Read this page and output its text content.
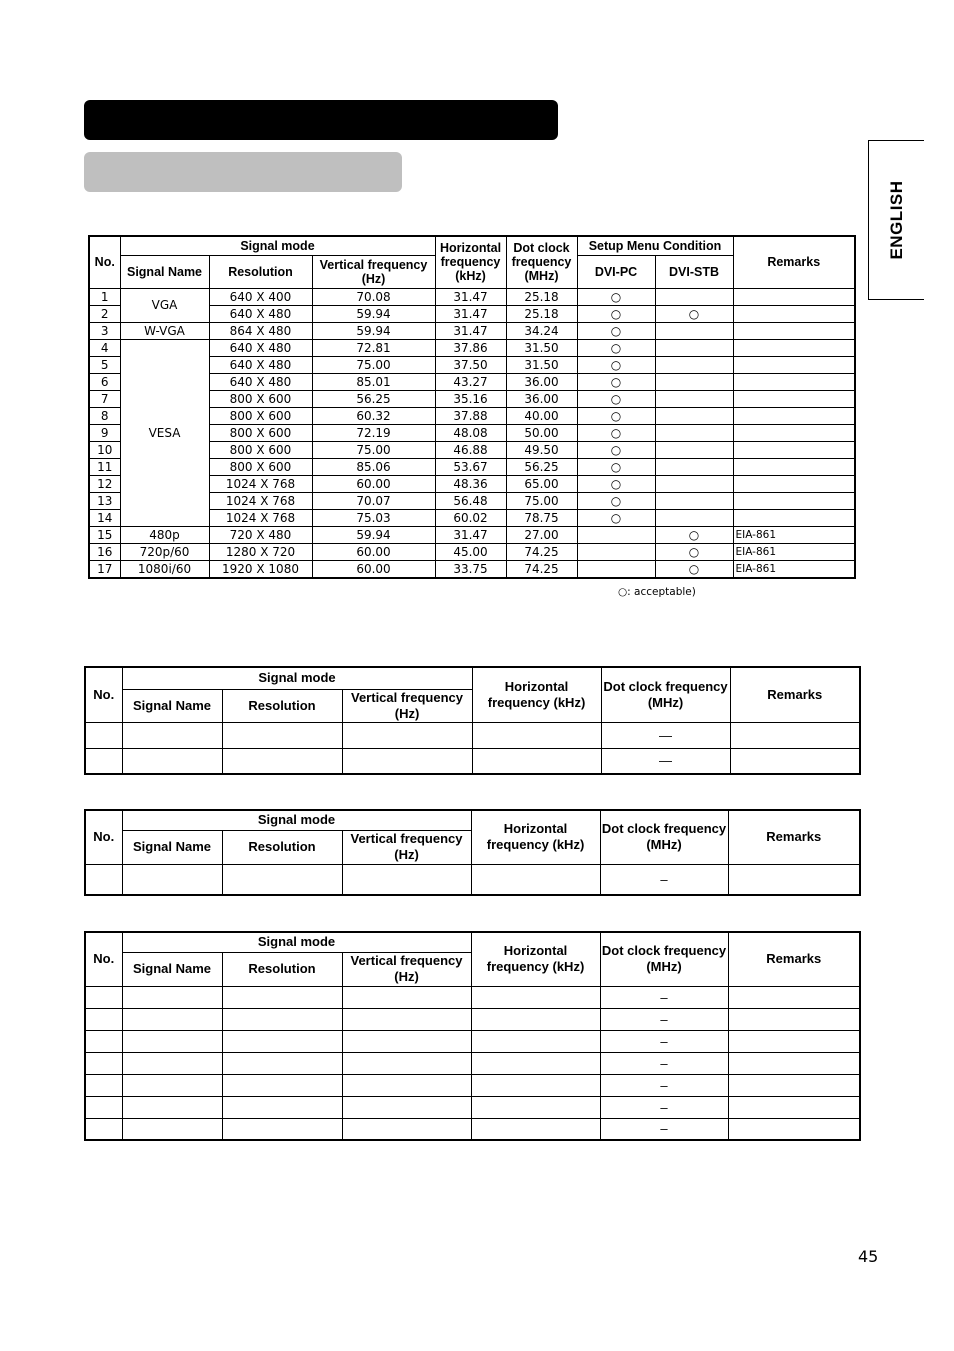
ENGLISH
No.	Signal mode			Horizontal frequency (kHz)	Dot clock frequency (MHz)	Setup Menu Condition		Remarks
	Signal Name	Resolution	Vertical frequency (Hz)			DVI-PC	DVI-STB	
1	VGA	640 X 400	70.08	31.47	25.18	○		
2		640 X 480	59.94	31.47	25.18	○	○	
3	W-VGA	864 X 480	59.94	31.47	34.24	○		
4	VESA	640 X 480	72.81	37.86	31.50	○		
5		640 X 480	75.00	37.50	31.50	○		
6		640 X 480	85.01	43.27	36.00	○		
7		800 X 600	56.25	35.16	36.00	○		
8		800 X 600	60.32	37.88	40.00	○		
9		800 X 600	72.19	48.08	50.00	○		
10		800 X 600	75.00	46.88	49.50	○		
11		800 X 600	85.06	53.67	56.25	○		
12		1024 X 768	60.00	48.36	65.00	○		
13		1024 X 768	70.07	56.48	75.00	○		
14		1024 X 768	75.03	60.02	78.75	○		
15	480p	720 X 480	59.94	31.47	27.00		○	EIA-861
16	720p/60	1280 X 720	60.00	45.00	74.25		○	EIA-861
17	1080i/60	1920 X 1080	60.00	33.75	74.25		○	EIA-861
○: acceptable)
No.	Signal mode			Horizontal frequency (kHz)	Dot clock frequency (MHz)	Remarks
	Signal Name	Resolution	Vertical frequency (Hz)			
					—	
					—	
No.	Signal mode			Horizontal frequency (kHz)	Dot clock frequency (MHz)	Remarks
	Signal Name	Resolution	Vertical frequency (Hz)			
					–	
No.	Signal mode			Horizontal frequency (kHz)	Dot clock frequency (MHz)	Remarks
	Signal Name	Resolution	Vertical frequency (Hz)			
					–	
					–	
					–	
					–	
					–	
					–	
					–	
45
